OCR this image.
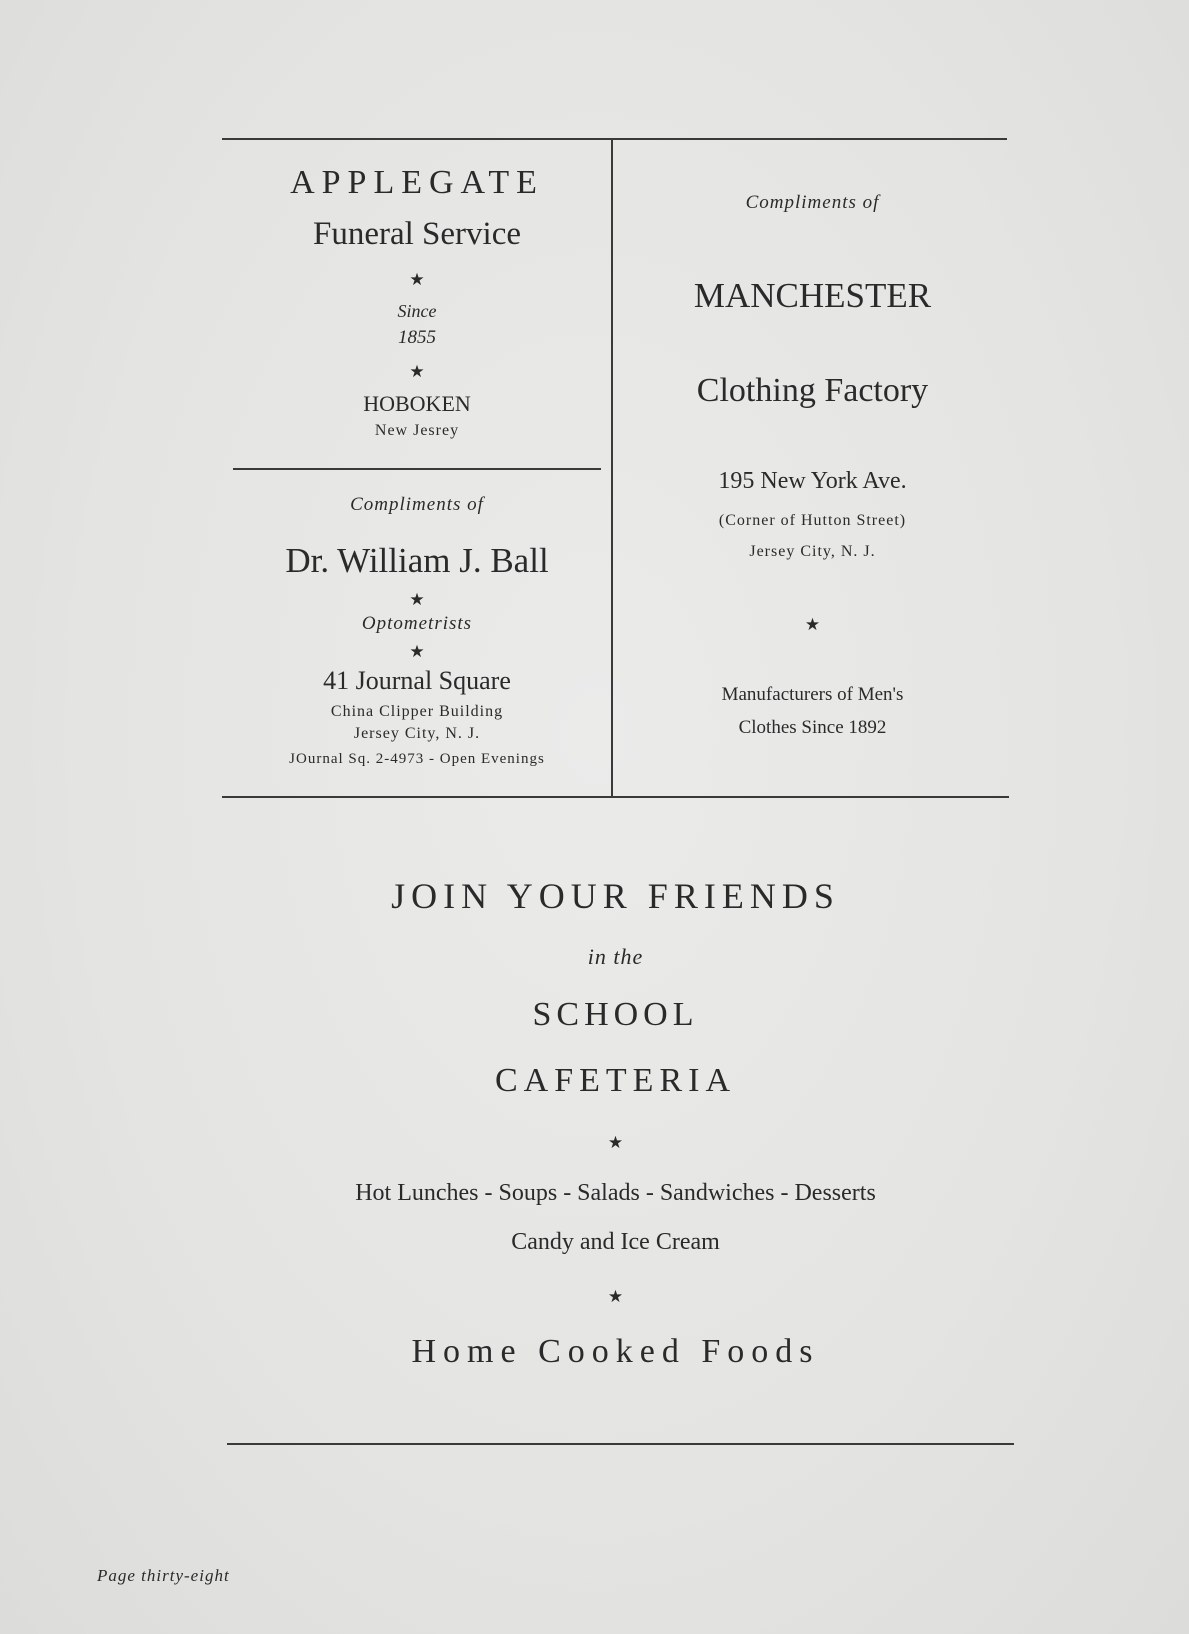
APPLEGATE
Funeral Service
★
Since
1855
★
HOBOKEN
New Jesrey
Compliments of
Dr. William J. Ball
★
Optometrists
★
41 Journal Square
China Clipper Building
Jersey City, N. J.
JOurnal Sq. 2-4973 - Open Evenings
Compliments of
MANCHESTER
Clothing Factory
195 New York Ave.
(Corner of Hutton Street)
Jersey City, N. J.
★
Manufacturers of Men's
Clothes Since 1892
JOIN YOUR FRIENDS
in the
SCHOOL
CAFETERIA
★
Hot Lunches - Soups - Salads - Sandwiches - Desserts
Candy and Ice Cream
★
Home Cooked Foods
Page thirty-eight
